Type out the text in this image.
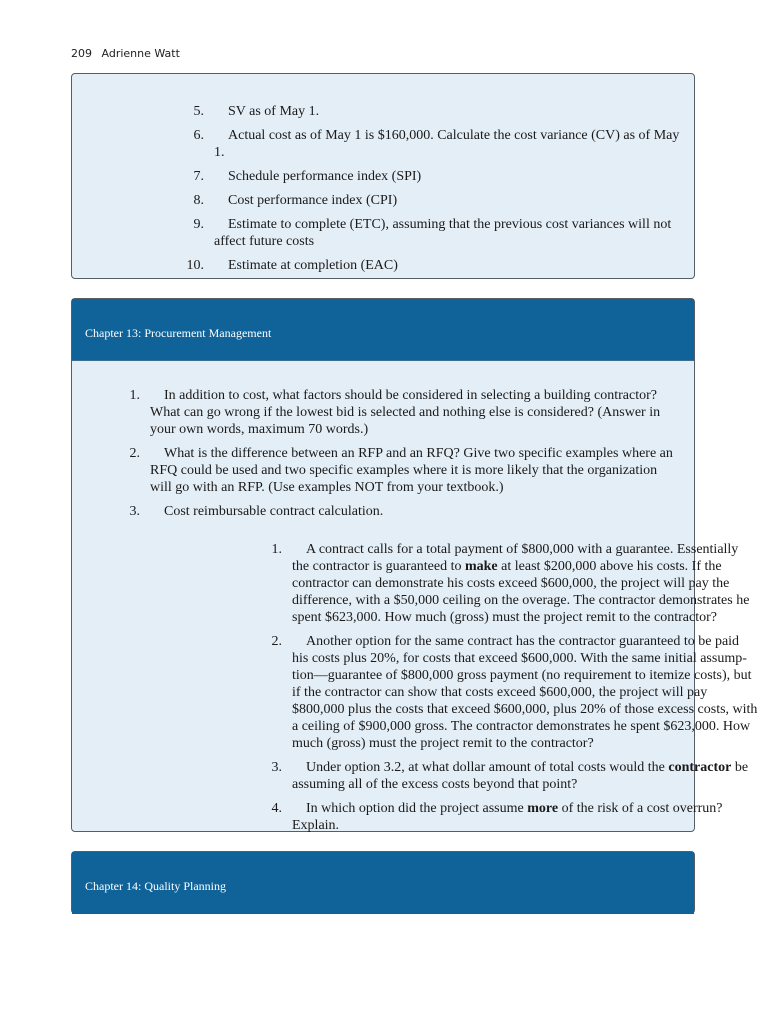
209 Adrienne Watt
5.	SV as of May 1.
6.	Actual cost as of May 1 is $160,000. Calculate the cost variance (CV) as of May 1.
7.	Schedule performance index (SPI)
8.	Cost performance index (CPI)
9.	Estimate to complete (ETC), assuming that the previous cost variances will not affect future costs
10.	Estimate at completion (EAC)
Chapter 13: Procurement Management
1.	In addition to cost, what factors should be considered in selecting a building contractor? What can go wrong if the lowest bid is selected and nothing else is considered? (Answer in your own words, maximum 70 words.)
2.	What is the difference between an RFP and an RFQ? Give two specific examples where an RFQ could be used and two specific examples where it is more likely that the organization will go with an RFP. (Use examples NOT from your textbook.)
3.	Cost reimbursable contract calculation.
1.	A contract calls for a total payment of $800,000 with a guarantee. Essentially the contractor is guaranteed to make at least $200,000 above his costs. If the contractor can demonstrate his costs exceed $600,000, the project will pay the difference, with a $50,000 ceiling on the overage. The contractor demonstrates he spent $623,000. How much (gross) must the project remit to the contractor?
2.	Another option for the same contract has the contractor guaranteed to be paid his costs plus 20%, for costs that exceed $600,000. With the same initial assump-tion—guarantee of $800,000 gross payment (no requirement to itemize costs), but if the contractor can show that costs exceed $600,000, the project will pay $800,000 plus the costs that exceed $600,000, plus 20% of those excess costs, with a ceiling of $900,000 gross. The contractor demonstrates he spent $623,000. How much (gross) must the project remit to the contractor?
3.	Under option 3.2, at what dollar amount of total costs would the contractor be assuming all of the excess costs beyond that point?
4.	In which option did the project assume more of the risk of a cost overrun? Explain.
Chapter 14: Quality Planning
